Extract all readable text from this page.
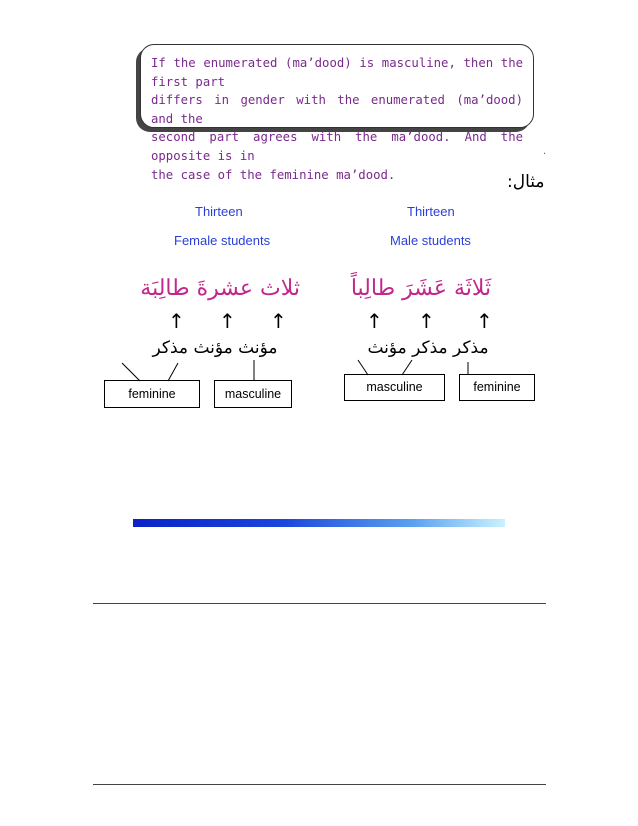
If the enumerated (ma’dood) is masculine, then the first part
differs in gender with the enumerated (ma’dood) and the
second part agrees with the ma’dood. And the opposite is in
the case of the feminine ma’dood.
.
مثال:
Thirteen
Male students
ثَلاثَة عَشَرَ طالِباً
↑ ↑ ↑
مذكر مذكر مؤنث
masculine	feminine
Thirteen
Female students
ثلاث عشرةَ طالِبَة
↑ ↑ ↑
مؤنث مؤنث مذكر
feminine	masculine
